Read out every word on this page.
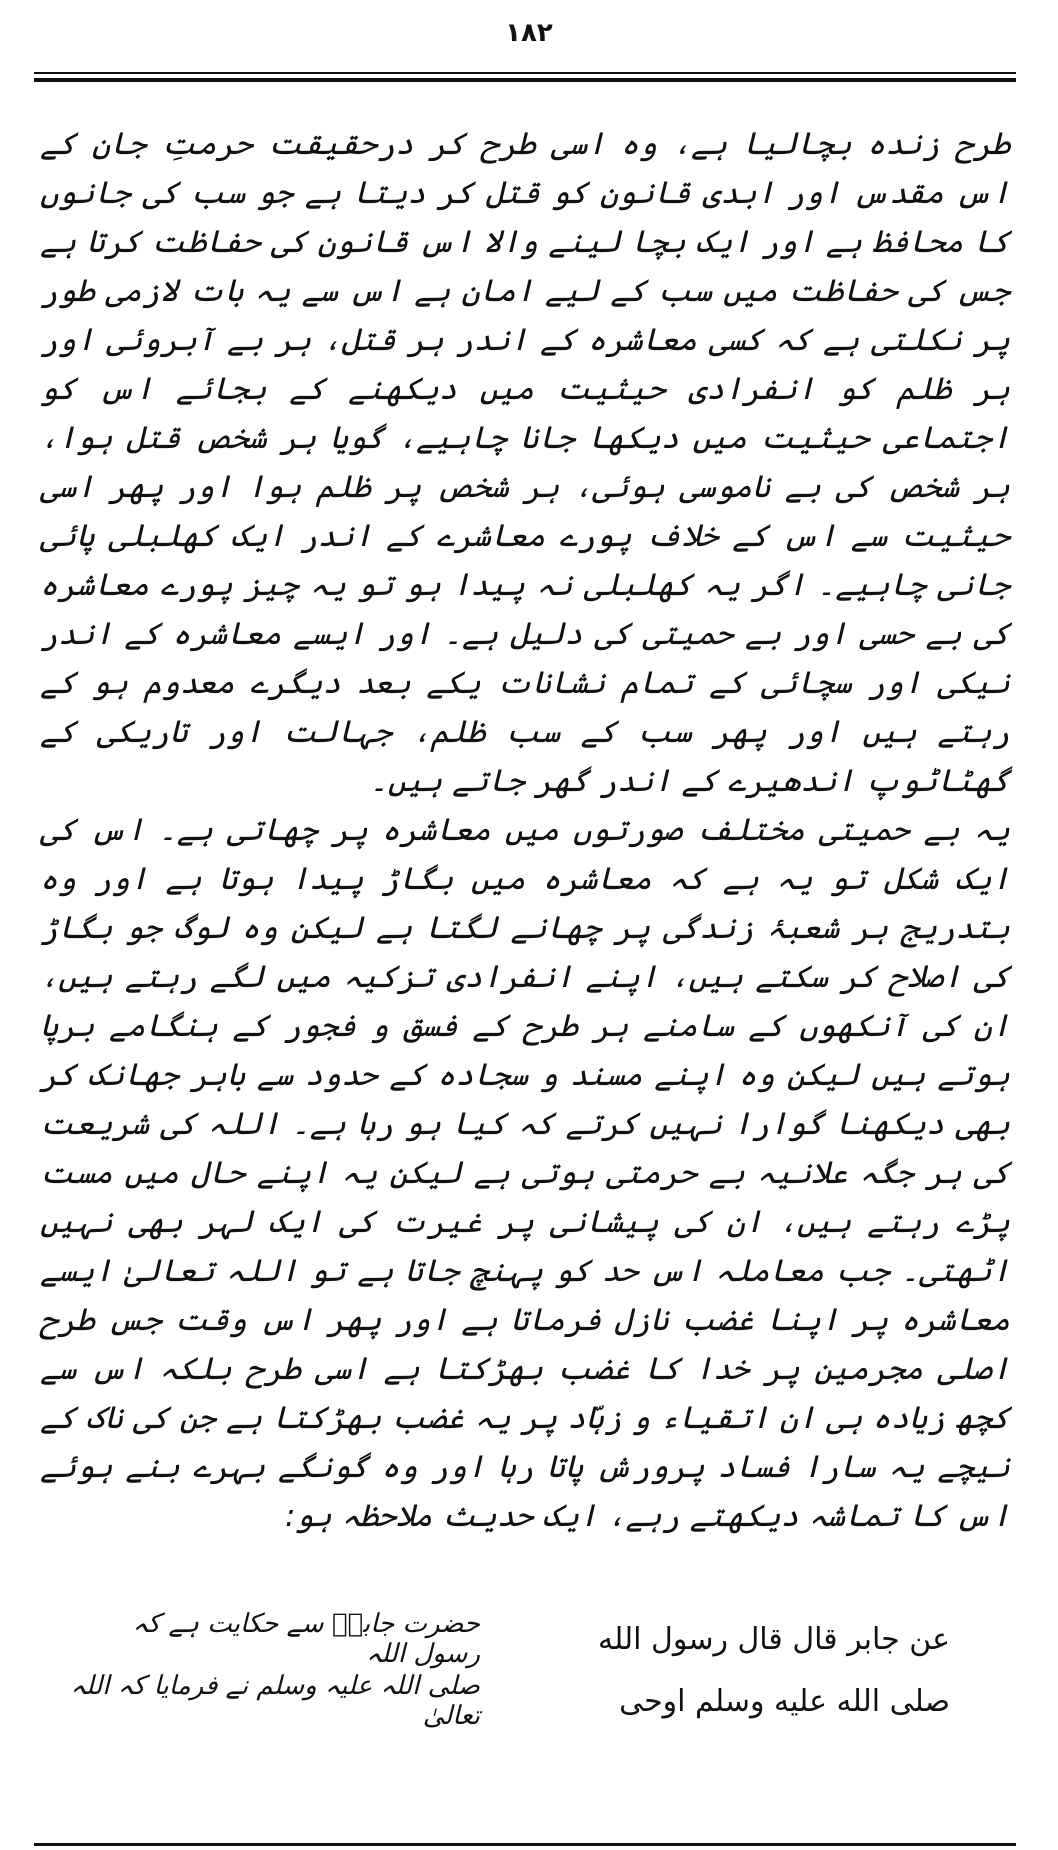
۱۸۲

طرح زندہ بچالیا ہے، وہ اسی طرح کر درحقیقت حرمتِ جان کے اس مقدس اور ابدی قانون کو قتل کر دیتا ہے جو سب کی جانوں کا محافظ ہے اور ایک بچا لینے والا اس قانون کی حفاظت کرتا ہے جس کی حفاظت میں سب کے لیے امان ہے اس سے یہ بات لازمی طور پر نکلتی ہے کہ کسی معاشرہ کے اندر ہر قتل، ہر بے آبروئی اور ہر ظلم کو انفرادی حیثیت میں دیکھنے کے بجائے اس کو اجتماعی حیثیت میں دیکھا جانا چاہیے، گویا ہر شخص قتل ہوا، ہر شخص کی بے ناموسی ہوئی، ہر شخص پر ظلم ہوا اور پھر اسی حیثیت سے اس کے خلاف پورے معاشرے کے اندر ایک کھلبلی پائی جانی چاہیے۔ اگر یہ کھلبلی نہ پیدا ہو تو یہ چیز پورے معاشرہ کی بے حسی اور بے حمیتی کی دلیل ہے۔ اور ایسے معاشرہ کے اندر نیکی اور سچائی کے تمام نشانات یکے بعد دیگرے معدوم ہو کے رہتے ہیں اور پھر سب کے سب ظلم، جہالت اور تاریکی کے گھٹاٹوپ اندھیرے کے اندر گھر جاتے ہیں۔

یہ بے حمیتی مختلف صورتوں میں معاشرہ پر چھاتی ہے۔ اس کی ایک شکل تو یہ ہے کہ معاشرہ میں بگاڑ پیدا ہوتا ہے اور وہ بتدریج ہر شعبۂ زندگی پر چھانے لگتا ہے لیکن وہ لوگ جو بگاڑ کی اصلاح کر سکتے ہیں، اپنے انفرادی تزکیہ میں لگے رہتے ہیں، ان کی آنکھوں کے سامنے ہر طرح کے فسق و فجور کے ہنگامے برپا ہوتے ہیں لیکن وہ اپنے مسند و سجادہ کے حدود سے باہر جھانک کر بھی دیکھنا گوارا نہیں کرتے کہ کیا ہو رہا ہے۔ اللہ کی شریعت کی ہر جگہ علانیہ بے حرمتی ہوتی ہے لیکن یہ اپنے حال میں مست پڑے رہتے ہیں، ان کی پیشانی پر غیرت کی ایک لہر بھی نہیں اٹھتی۔ جب معاملہ اس حد کو پہنچ جاتا ہے تو اللہ تعالیٰ ایسے معاشرہ پر اپنا غضب نازل فرماتا ہے اور پھر اس وقت جس طرح اصلی مجرمین پر خدا کا غضب بھڑکتا ہے اسی طرح بلکہ اس سے کچھ زیادہ ہی ان اتقیاء و زہّاد پر یہ غضب بھڑکتا ہے جن کی ناک کے نیچے یہ سارا فساد پرورش پاتا رہا اور وہ گونگے بہرے بنے ہوئے اس کا تماشہ دیکھتے رہے، ایک حدیث ملاحظہ ہو:

عن جابر قال قال رسول الله
حضرت جابرؓ سے حکایت ہے کہ رسول اللہ
صلی الله علیه وسلم اوحی
صلی اللہ علیہ وسلم نے فرمایا کہ اللہ تعالیٰ
